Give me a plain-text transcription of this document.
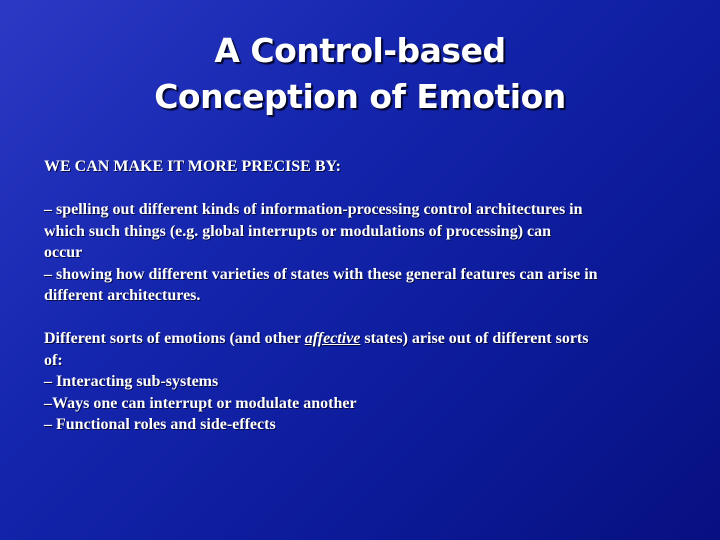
A Control-based
Conception of Emotion
WE CAN MAKE IT MORE PRECISE BY:
– spelling out different kinds of information-processing control architectures in
which such things (e.g. global interrupts or modulations of processing) can
occur
– showing how different varieties of states with these general features can arise in
different architectures.
Different sorts of emotions (and other affective states) arise out of different sorts
of:
– Interacting sub-systems
–Ways one can interrupt or modulate another
– Functional roles and side-effects
